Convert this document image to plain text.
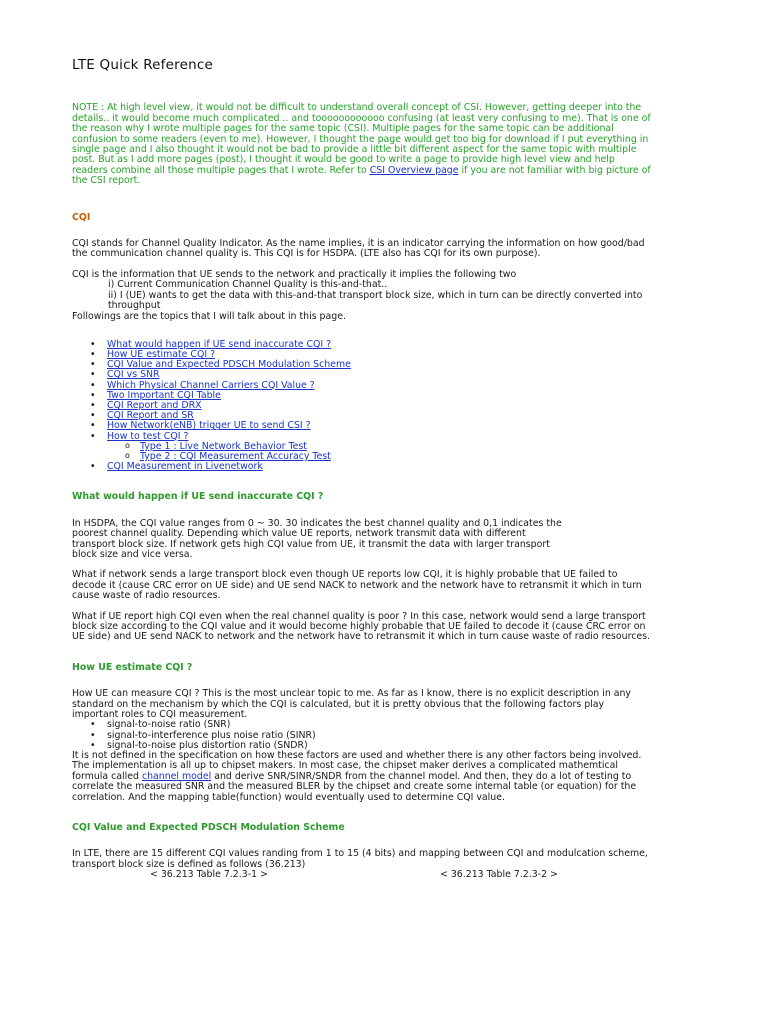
LTE Quick Reference

NOTE : At high level view, it would not be difficult to understand overall concept of CSI. However, getting deeper into the details.. it would become much complicated .. and toooooooooooo confusing (at least very confusing to me). That is one of the reason why I wrote multiple pages for the same topic (CSI). Multiple pages for the same topic can be additional confusion to some readers (even to me). However, I thought the page would get too big for download if I put everything in single page and I also thought it would not be bad to provide a little bit different aspect for the same topic with multiple post. But as I add more pages (post), I thought it would be good to write a page to provide high level view and help readers combine all those multiple pages that I wrote. Refer to CSI Overview page if you are not familiar with big picture of the CSI report.

CQI

CQI stands for Channel Quality Indicator. As the name implies, it is an indicator carrying the information on how good/bad the communication channel quality is. This CQI is for HSDPA. (LTE also has CQI for its own purpose).

CQI is the information that UE sends to the network and practically it implies the following two

i) Current Communication Channel Quality is this-and-that..

ii) I (UE) wants to get the data with this-and-that transport block size, which in turn can be directly converted into throughput

Followings are the topics that I will talk about in this page.

• What would happen if UE send inaccurate CQI ?
• How UE estimate CQI ?
• CQI Value and Expected PDSCH Modulation Scheme
• CQI vs SNR
• Which Physical Channel Carriers CQI Value ?
• Two Important CQI Table
• CQI Report and DRX
• CQI Report and SR
• How Network(eNB) trigger UE to send CSI ?
• How to test CQI ?
o Type 1 : Live Network Behavior Test
o Type 2 : CQI Measurement Accuracy Test
• CQI Measurement in Livenetwork

What would happen if UE send inaccurate CQI ?

In HSDPA, the CQI value ranges from 0 ~ 30. 30 indicates the best channel quality and 0,1 indicates the poorest channel quality. Depending which value UE reports, network transmit data with different transport block size. If network gets high CQI value from UE, it transmit the data with larger transport block size and vice versa.

What if network sends a large transport block even though UE reports low CQI, it is highly probable that UE failed to decode it (cause CRC error on UE side) and UE send NACK to network and the network have to retransmit it which in turn cause waste of radio resources.

What if UE report high CQI even when the real channel quality is poor ? In this case, network would send a large transport block size according to the CQI value and it would become highly probable that UE failed to decode it (cause CRC error on UE side) and UE send NACK to network and the network have to retransmit it which in turn cause waste of radio resources.

How UE estimate CQI ?

How UE can measure CQI ? This is the most unclear topic to me. As far as I know, there is no explicit description in any standard on the mechanism by which the CQI is calculated, but it is pretty obvious that the following factors play important roles to CQI measurement.

• signal-to-noise ratio (SNR)
• signal-to-interference plus noise ratio (SINR)
• signal-to-noise plus distortion ratio (SNDR)

It is not defined in the specification on how these factors are used and whether there is any other factors being involved. The implementation is all up to chipset makers. In most case, the chipset maker derives a complicated mathemtical formula called channel model and derive SNR/SINR/SNDR from the channel model. And then, they do a lot of testing to correlate the measured SNR and the measured BLER by the chipset and create some internal table (or equation) for the correlation. And the mapping table(function) would eventually used to determine CQI value.

CQI Value and Expected PDSCH Modulation Scheme

In LTE, there are 15 different CQI values randing from 1 to 15 (4 bits) and mapping between CQI and modulcation scheme, transport block size is defined as follows (36.213)

< 36.213 Table 7.2.3-1 >	< 36.213 Table 7.2.3-2 >
